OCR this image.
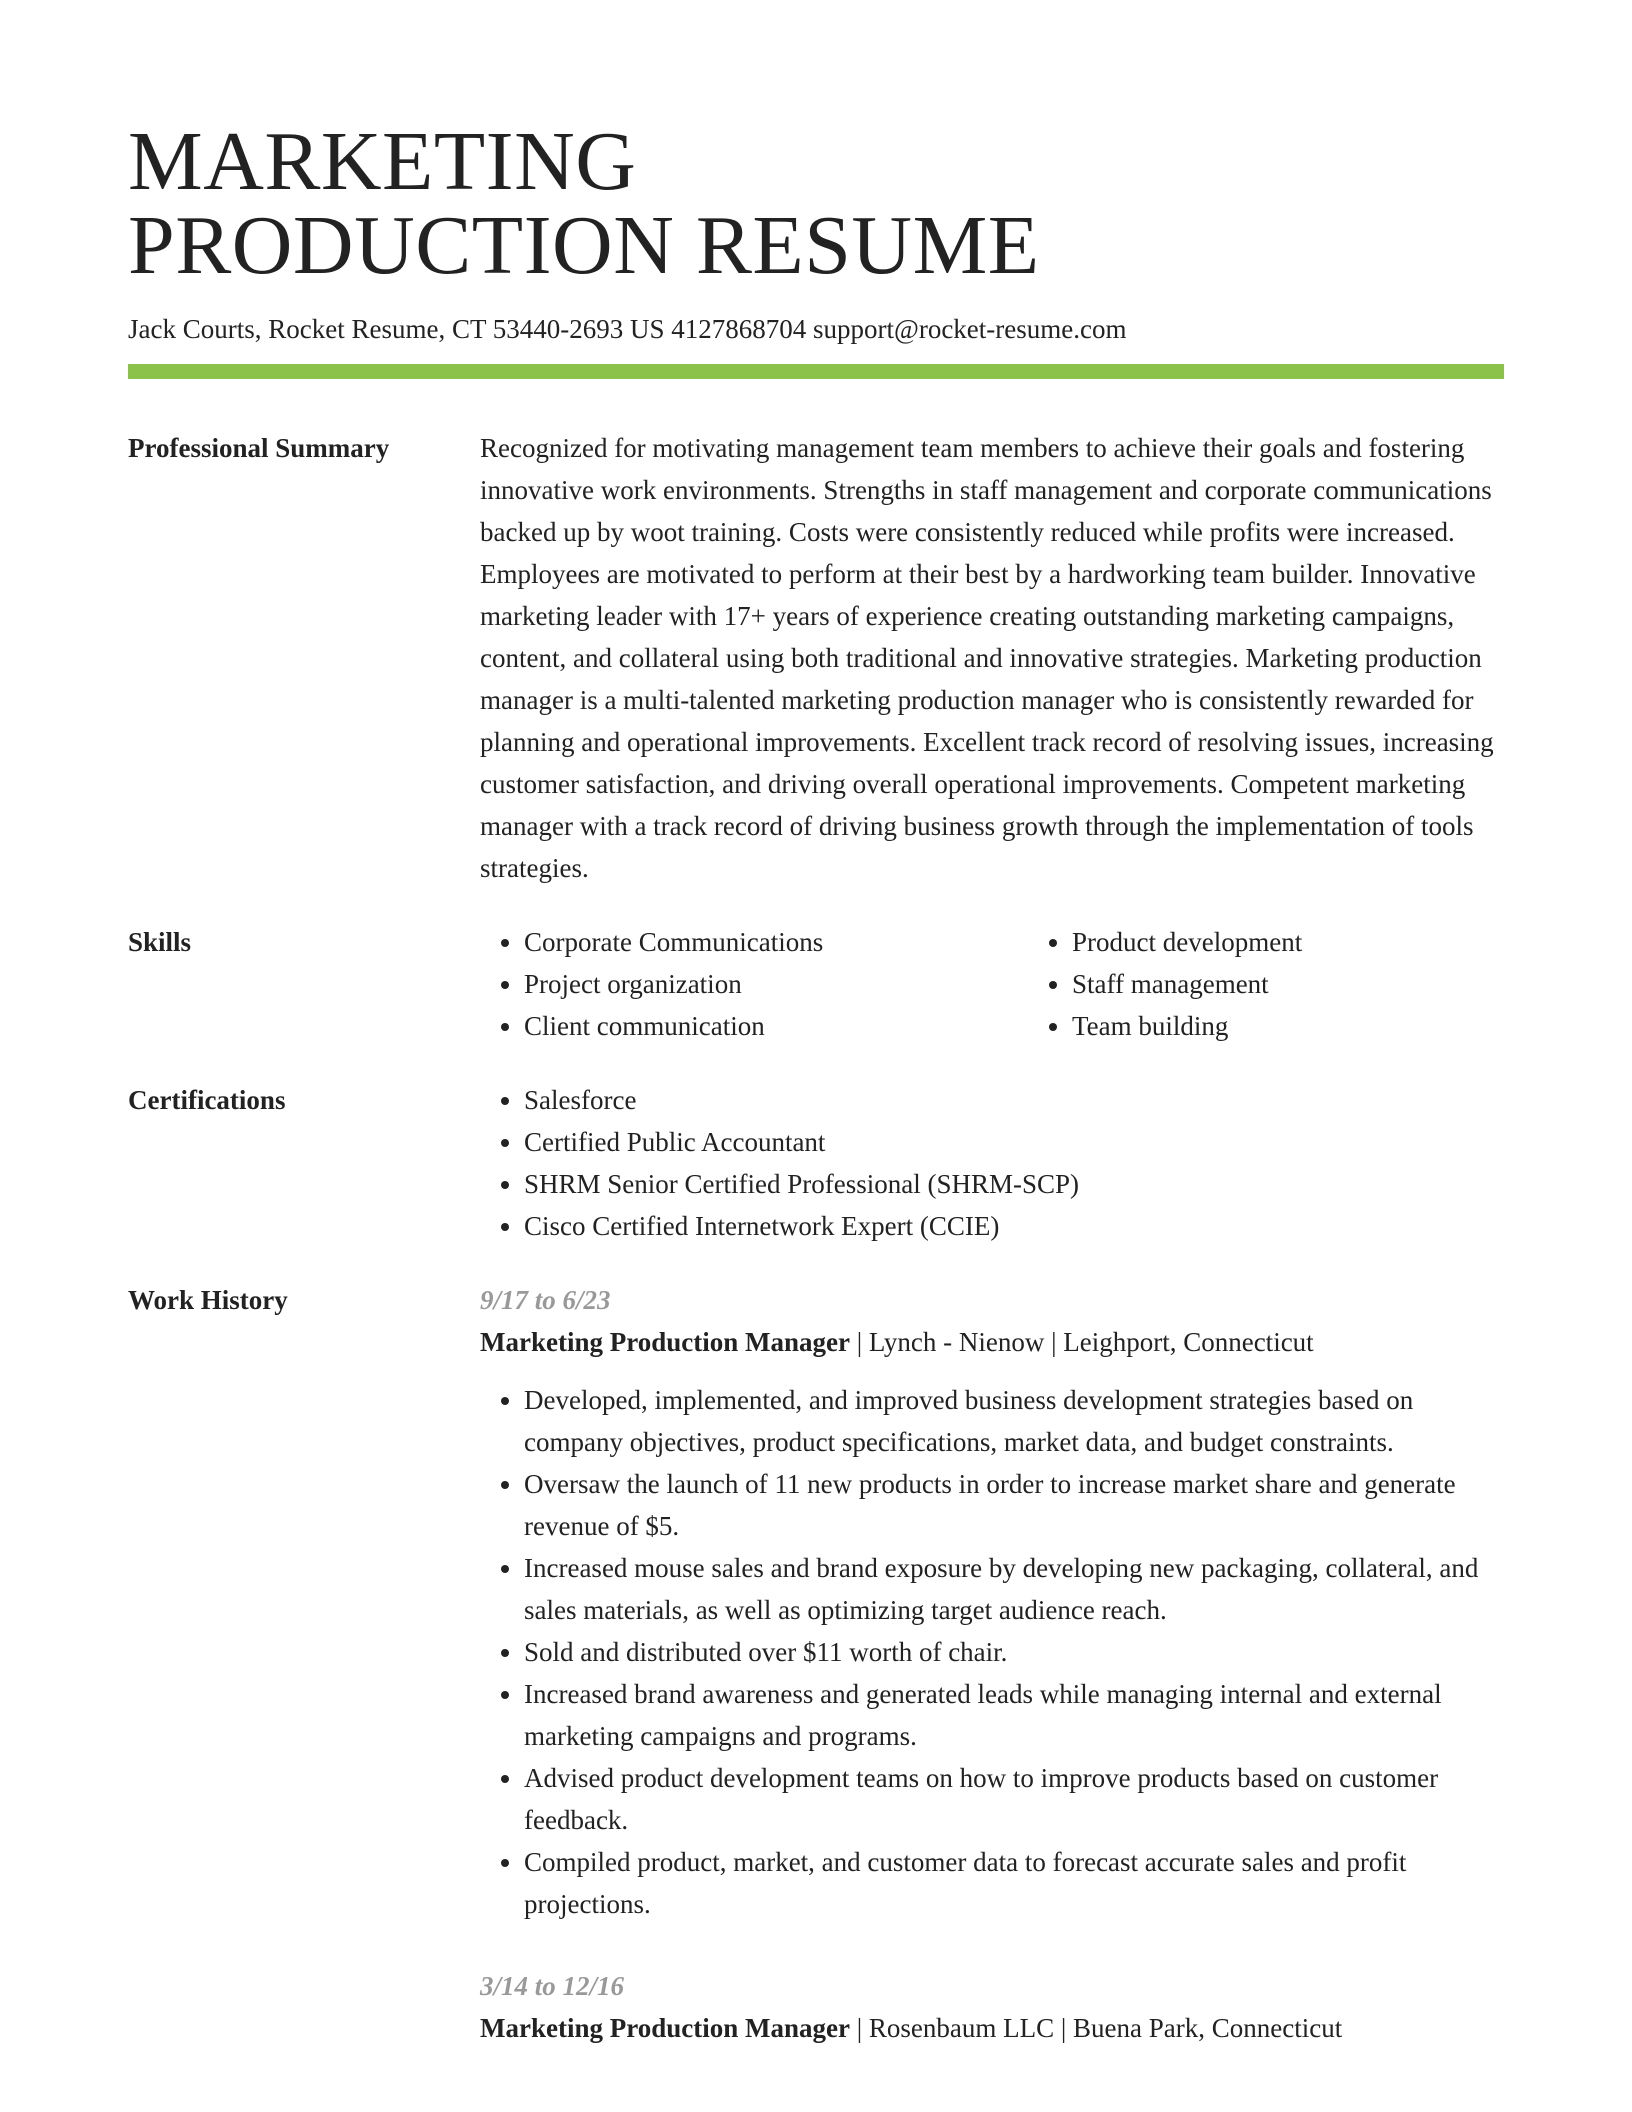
MARKETING
PRODUCTION RESUME
Jack Courts, Rocket Resume, CT 53440-2693 US 4127868704 support@rocket-resume.com
Professional Summary	Recognized for motivating management team members to achieve their goals and fostering innovative work environments. Strengths in staff management and corporate communications backed up by woot training. Costs were consistently reduced while profits were increased. Employees are motivated to perform at their best by a hardworking team builder. Innovative marketing leader with 17+ years of experience creating outstanding marketing campaigns, content, and collateral using both traditional and innovative strategies. Marketing production manager is a multi-talented marketing production manager who is consistently rewarded for planning and operational improvements. Excellent track record of resolving issues, increasing customer satisfaction, and driving overall operational improvements. Competent marketing manager with a track record of driving business growth through the implementation of tools strategies.

Skills	• Corporate Communications
• Project organization
• Client communication
• Product development
• Staff management
• Team building
Certifications	• Salesforce
• Certified Public Accountant
• SHRM Senior Certified Professional (SHRM-SCP)
• Cisco Certified Internetwork Expert (CCIE)
Work History	9/17 to 6/23
Marketing Production Manager | Lynch - Nienow | Leighport, Connecticut
• Developed, implemented, and improved business development strategies based on company objectives, product specifications, market data, and budget constraints.
• Oversaw the launch of 11 new products in order to increase market share and generate revenue of $5.
• Increased mouse sales and brand exposure by developing new packaging, collateral, and sales materials, as well as optimizing target audience reach.
• Sold and distributed over $11 worth of chair.
• Increased brand awareness and generated leads while managing internal and external marketing campaigns and programs.
• Advised product development teams on how to improve products based on customer feedback.
• Compiled product, market, and customer data to forecast accurate sales and profit projections.
3/14 to 12/16
Marketing Production Manager | Rosenbaum LLC | Buena Park, Connecticut
